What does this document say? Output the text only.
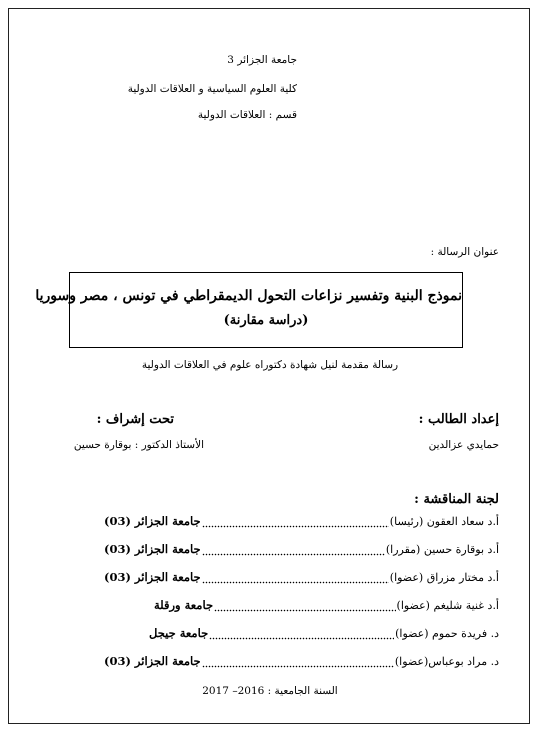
جامعة الجزائر 3
كلية العلوم السياسية و العلاقات الدولية
قسم : العلاقات الدولية
عنوان الرسالة :
نموذج البنية وتفسير نزاعات التحول الديمقراطي في تونس ، مصر وسوريا
(دراسة مقارنة)
رسالة مقدمة لنيل شهادة دكتوراه علوم في العلاقات الدولية
إعداد الطالب :
حمايدي عزالدين
تحت إشراف :
الأستاذ الدكتور : بوقارة حسين
لجنة المناقشة :
أ.د سعاد العقون (رئيسا)
جامعة الجزائر (03)
أ.د بوقارة حسين (مقررا)
جامعة الجزائر (03)
أ.د مختار مزراق (عضوا)
جامعة الجزائر (03)
أ.د غنية شليغم (عضوا)
جامعة ورقلة
د. فريدة حموم (عضوا)
جامعة جيجل
د. مراد بوعباس(عضوا)
جامعة الجزائر (03)
السنة الجامعية : 2016– 2017
